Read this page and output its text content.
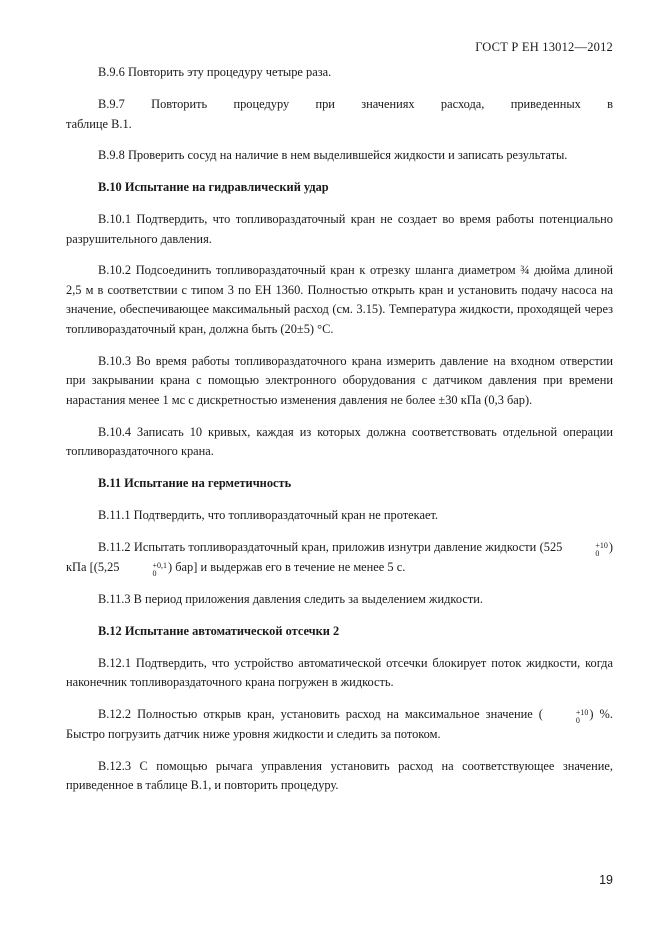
ГОСТ Р ЕН 13012—2012

В.9.6 Повторить эту процедуру четыре раза.

В.9.7 Повторить процедуру при значениях расхода, приведенных в

таблице В.1.

В.9.8 Проверить сосуд на наличие в нем выделившейся жидкости и записать результаты.

В.10 Испытание на гидравлический удар

В.10.1 Подтвердить, что топливораздаточный кран не создает во время работы потенциально разрушительного давления.

В.10.2 Подсоединить топливораздаточный кран к отрезку шланга диаметром ¾ дюйма длиной 2,5 м в соответствии с типом 3 по ЕН 1360. Полностью открыть кран и установить подачу насоса на значение, обеспечивающее максимальный расход (см. 3.15). Температура жидкости, проходящей через топливораздаточный кран, должна быть (20±5) °С.

В.10.3 Во время работы топливораздаточного крана измерить давление на входном отверстии при закрывании крана с помощью электронного оборудования с датчиком давления при времени нарастания менее 1 мс с дискретностью изменения давления не более ±30 кПа (0,3 бар).

В.10.4 Записать 10 кривых, каждая из которых должна соответствовать отдельной операции топливораздаточного крана.

В.11 Испытание на герметичность

В.11.1 Подтвердить, что топливораздаточный кран не протекает.

В.11.2 Испытать топливораздаточный кран, приложив изнутри давление жидкости (525	+10
0 ) кПа [(5,25	+0,1
0 ) бар] и выдержав его в течение не менее 5 с.

В.11.3 В период приложения давления следить за выделением жидкости.

В.12 Испытание автоматической отсечки 2

В.12.1 Подтвердить, что устройство автоматической отсечки блокирует поток жидкости, когда наконечник топливораздаточного крана погружен в жидкость.

В.12.2 Полностью открыв кран, установить расход на максимальное значение (	+10
0 ) %. Быстро погрузить датчик ниже уровня жидкости и следить за потоком.

В.12.3 С помощью рычага управления установить расход на соответствующее значение, приведенное в таблице В.1, и повторить процедуру.

19
